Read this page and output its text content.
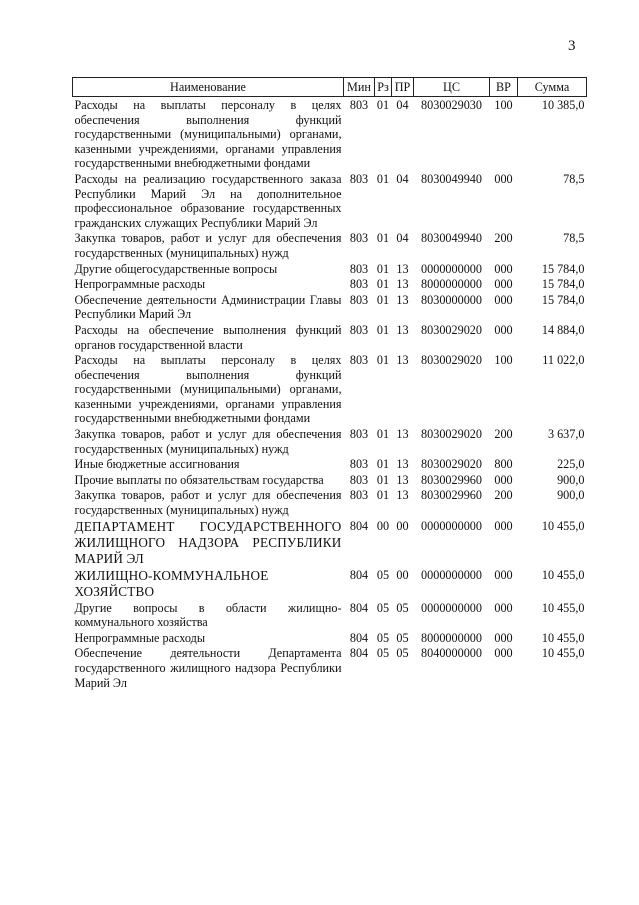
3
Наименование	Мин	Рз	ПР	ЦС	ВР	Сумма
Расходы на выплаты персоналу в целях обеспечения выполнения функций государственными (муниципальными) органами, казенными учреждениями, органами управления государственными внебюджетными фондами	803	01	04	8030029030	100	10 385,0
Расходы на реализацию государственного заказа Республики Марий Эл на дополнительное профессиональное образование государственных гражданских служащих Республики Марий Эл	803	01	04	8030049940	000	78,5
Закупка товаров, работ и услуг для обеспечения государственных (муниципальных) нужд	803	01	04	8030049940	200	78,5
Другие общегосударственные вопросы	803	01	13	0000000000	000	15 784,0
Непрограммные расходы	803	01	13	8000000000	000	15 784,0
Обеспечение деятельности Администрации Главы Республики Марий Эл	803	01	13	8030000000	000	15 784,0
Расходы на обеспечение выполнения функций органов государственной власти	803	01	13	8030029020	000	14 884,0
Расходы на выплаты персоналу в целях обеспечения выполнения функций государственными (муниципальными) органами, казенными учреждениями, органами управления государственными внебюджетными фондами	803	01	13	8030029020	100	11 022,0
Закупка товаров, работ и услуг для обеспечения государственных (муниципальных) нужд	803	01	13	8030029020	200	3 637,0
Иные бюджетные ассигнования	803	01	13	8030029020	800	225,0
Прочие выплаты по обязательствам государства	803	01	13	8030029960	000	900,0
Закупка товаров, работ и услуг для обеспечения государственных (муниципальных) нужд	803	01	13	8030029960	200	900,0
ДЕПАРТАМЕНТ ГОСУДАРСТВЕННОГО ЖИЛИЩНОГО НАДЗОРА РЕСПУБЛИКИ МАРИЙ ЭЛ	804	00	00	0000000000	000	10 455,0
ЖИЛИЩНО-КОММУНАЛЬНОЕ ХОЗЯЙСТВО	804	05	00	0000000000	000	10 455,0
Другие вопросы в области жилищно-коммунального хозяйства	804	05	05	0000000000	000	10 455,0
Непрограммные расходы	804	05	05	8000000000	000	10 455,0
Обеспечение деятельности Департамента государственного жилищного надзора Республики Марий Эл	804	05	05	8040000000	000	10 455,0
